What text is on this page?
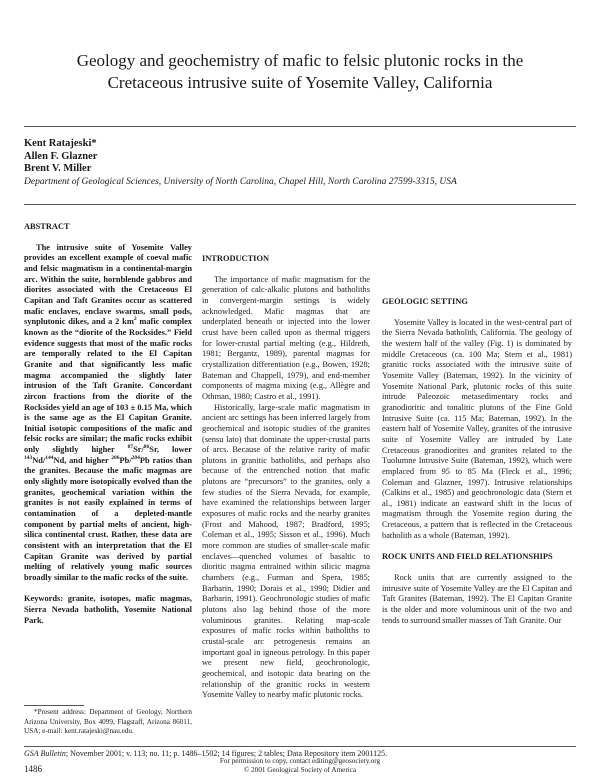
Geology and geochemistry of mafic to felsic plutonic rocks in the
Cretaceous intrusive suite of Yosemite Valley, California
Kent Ratajeski*
Allen F. Glazner
Brent V. Miller
Department of Geological Sciences, University of North Carolina, Chapel Hill, North Carolina 27599-3315, USA
ABSTRACT

The intrusive suite of Yosemite Valley provides an excellent example of coeval mafic and felsic magmatism in a continental-margin arc. Within the suite, hornblende gabbros and diorites associated with the Cretaceous El Capitan and Taft Granites occur as scattered mafic enclaves, enclave swarms, small pods, synplutonic dikes, and a 2 $km^2$ mafic complex known as the “diorite of the Rocksides.” Field evidence suggests that most of the mafic rocks are temporally related to the El Capitan Granite and that significantly less mafic magma accompanied the slightly later intrusion of the Taft Granite. Concordant zircon fractions from the diorite of the Rocksides yield an age of 103 ± 0.15 Ma, which is the same age as the El Capitan Granite. Initial isotopic compositions of the mafic and felsic rocks are similar; the mafic rocks exhibit only slightly higher $^{87}$Sr/$^{86}$Sr, lower $^{143}$Nd/$^{144}$Nd, and higher $^{206}$Pb/$^{204}$Pb ratios than the granites. Because the mafic magmas are only slightly more isotopically evolved than the granites, geochemical variation within the granites is not easily explained in terms of contamination of a depleted-mantle component by partial melts of ancient, high-silica continental crust. Rather, these data are consistent with an interpretation that the El Capitan Granite was derived by partial melting of relatively young mafic sources broadly similar to the mafic rocks of the suite.

Keywords: granite, isotopes, mafic magmas, Sierra Nevada batholith, Yosemite National Park.

INTRODUCTION

The importance of mafic magmatism for the generation of calc-alkalic plutons and batholiths in convergent-margin settings is widely acknowledged. Mafic magmas that are underplated beneath or injected into the lower crust have been called upon as thermal triggers for lower-crustal partial melting (e.g., Hildreth, 1981; Bergantz, 1989), parental magmas for crystallization differentiation (e.g., Bowen, 1928; Bateman and Chappell, 1979), and end-member components of magma mixing (e.g., Allègre and Othman, 1980; Castro et al., 1991).

Historically, large-scale mafic magmatism in ancient arc settings has been inferred largely from geochemical and isotopic studies of the granites (sensu lato) that dominate the upper-crustal parts of arcs. Because of the relative rarity of mafic plutons in granitic batholiths, and perhaps also because of the entrenched notion that mafic plutons are “precursors” to the granites, only a few studies of the Sierra Nevada, for example, have examined the relationships between larger exposures of mafic rocks and the nearby granites (Frost and Mahood, 1987; Bradford, 1995; Coleman et al., 1995; Sisson et al., 1996). Much more common are studies of smaller-scale mafic enclaves—quenched volumes of basaltic to dioritic magma entrained within silicic magma chambers (e.g., Furman and Spera, 1985; Barbarin, 1990; Dorais et al., 1990; Didier and Barbarin, 1991). Geochronologic studies of mafic plutons also lag behind those of the more voluminous granites. Relating map-scale exposures of mafic rocks within batholiths to crustal-scale arc petrogenesis remains an important goal in igneous petrology. In this paper we present new field, geochronologic, geochemical, and isotopic data bearing on the relationship of the granitic rocks in western Yosemite Valley to nearby mafic plutonic rocks.

GEOLOGIC SETTING

Yosemite Valley is located in the west-central part of the Sierra Nevada batholith, California. The geology of the western half of the valley (Fig. 1) is dominated by middle Cretaceous (ca. 100 Ma; Stern et al., 1981) granitic rocks associated with the intrusive suite of Yosemite Valley (Bateman, 1992). In the vicinity of Yosemite National Park, plutonic rocks of this suite intrude Paleozoic metasedimentary rocks and granodioritic and tonalitic plutons of the Fine Gold Intrusive Suite (ca. 115 Ma; Bateman, 1992). In the eastern half of Yosemite Valley, granites of the intrusive suite of Yosemite Valley are intruded by Late Cretaceous granodiorites and granites related to the Tuolumne Intrusive Suite (Bateman, 1992), which were emplaced from 95 to 85 Ma (Fleck et al., 1996; Coleman and Glazner, 1997). Intrusive relationships (Calkins et al., 1985) and geochronologic data (Stern et al., 1981) indicate an eastward shift in the locus of magmatism through the Yosemite region during the Cretaceous, a pattern that is reflected in the Cretaceous batholith as a whole (Bateman, 1992).

ROCK UNITS AND FIELD RELATIONSHIPS

Rock units that are currently assigned to the intrusive suite of Yosemite Valley are the El Capitan and Taft Granites (Bateman, 1992). The El Capitan Granite is the older and more voluminous unit of the two and tends to surround smaller masses of Taft Granite. Our

*Present address: Department of Geology, Northern Arizona University, Box 4099, Flagstaff, Arizona 86011, USA; e-mail: kent.ratajeski@nau.edu.
GSA Bulletin; November 2001; v. 113; no. 11; p. 1486–1502; 14 figures; 2 tables; Data Repository item 2001125.
1486
For permission to copy, contact editing@geosociety.org
© 2001 Geological Society of America
